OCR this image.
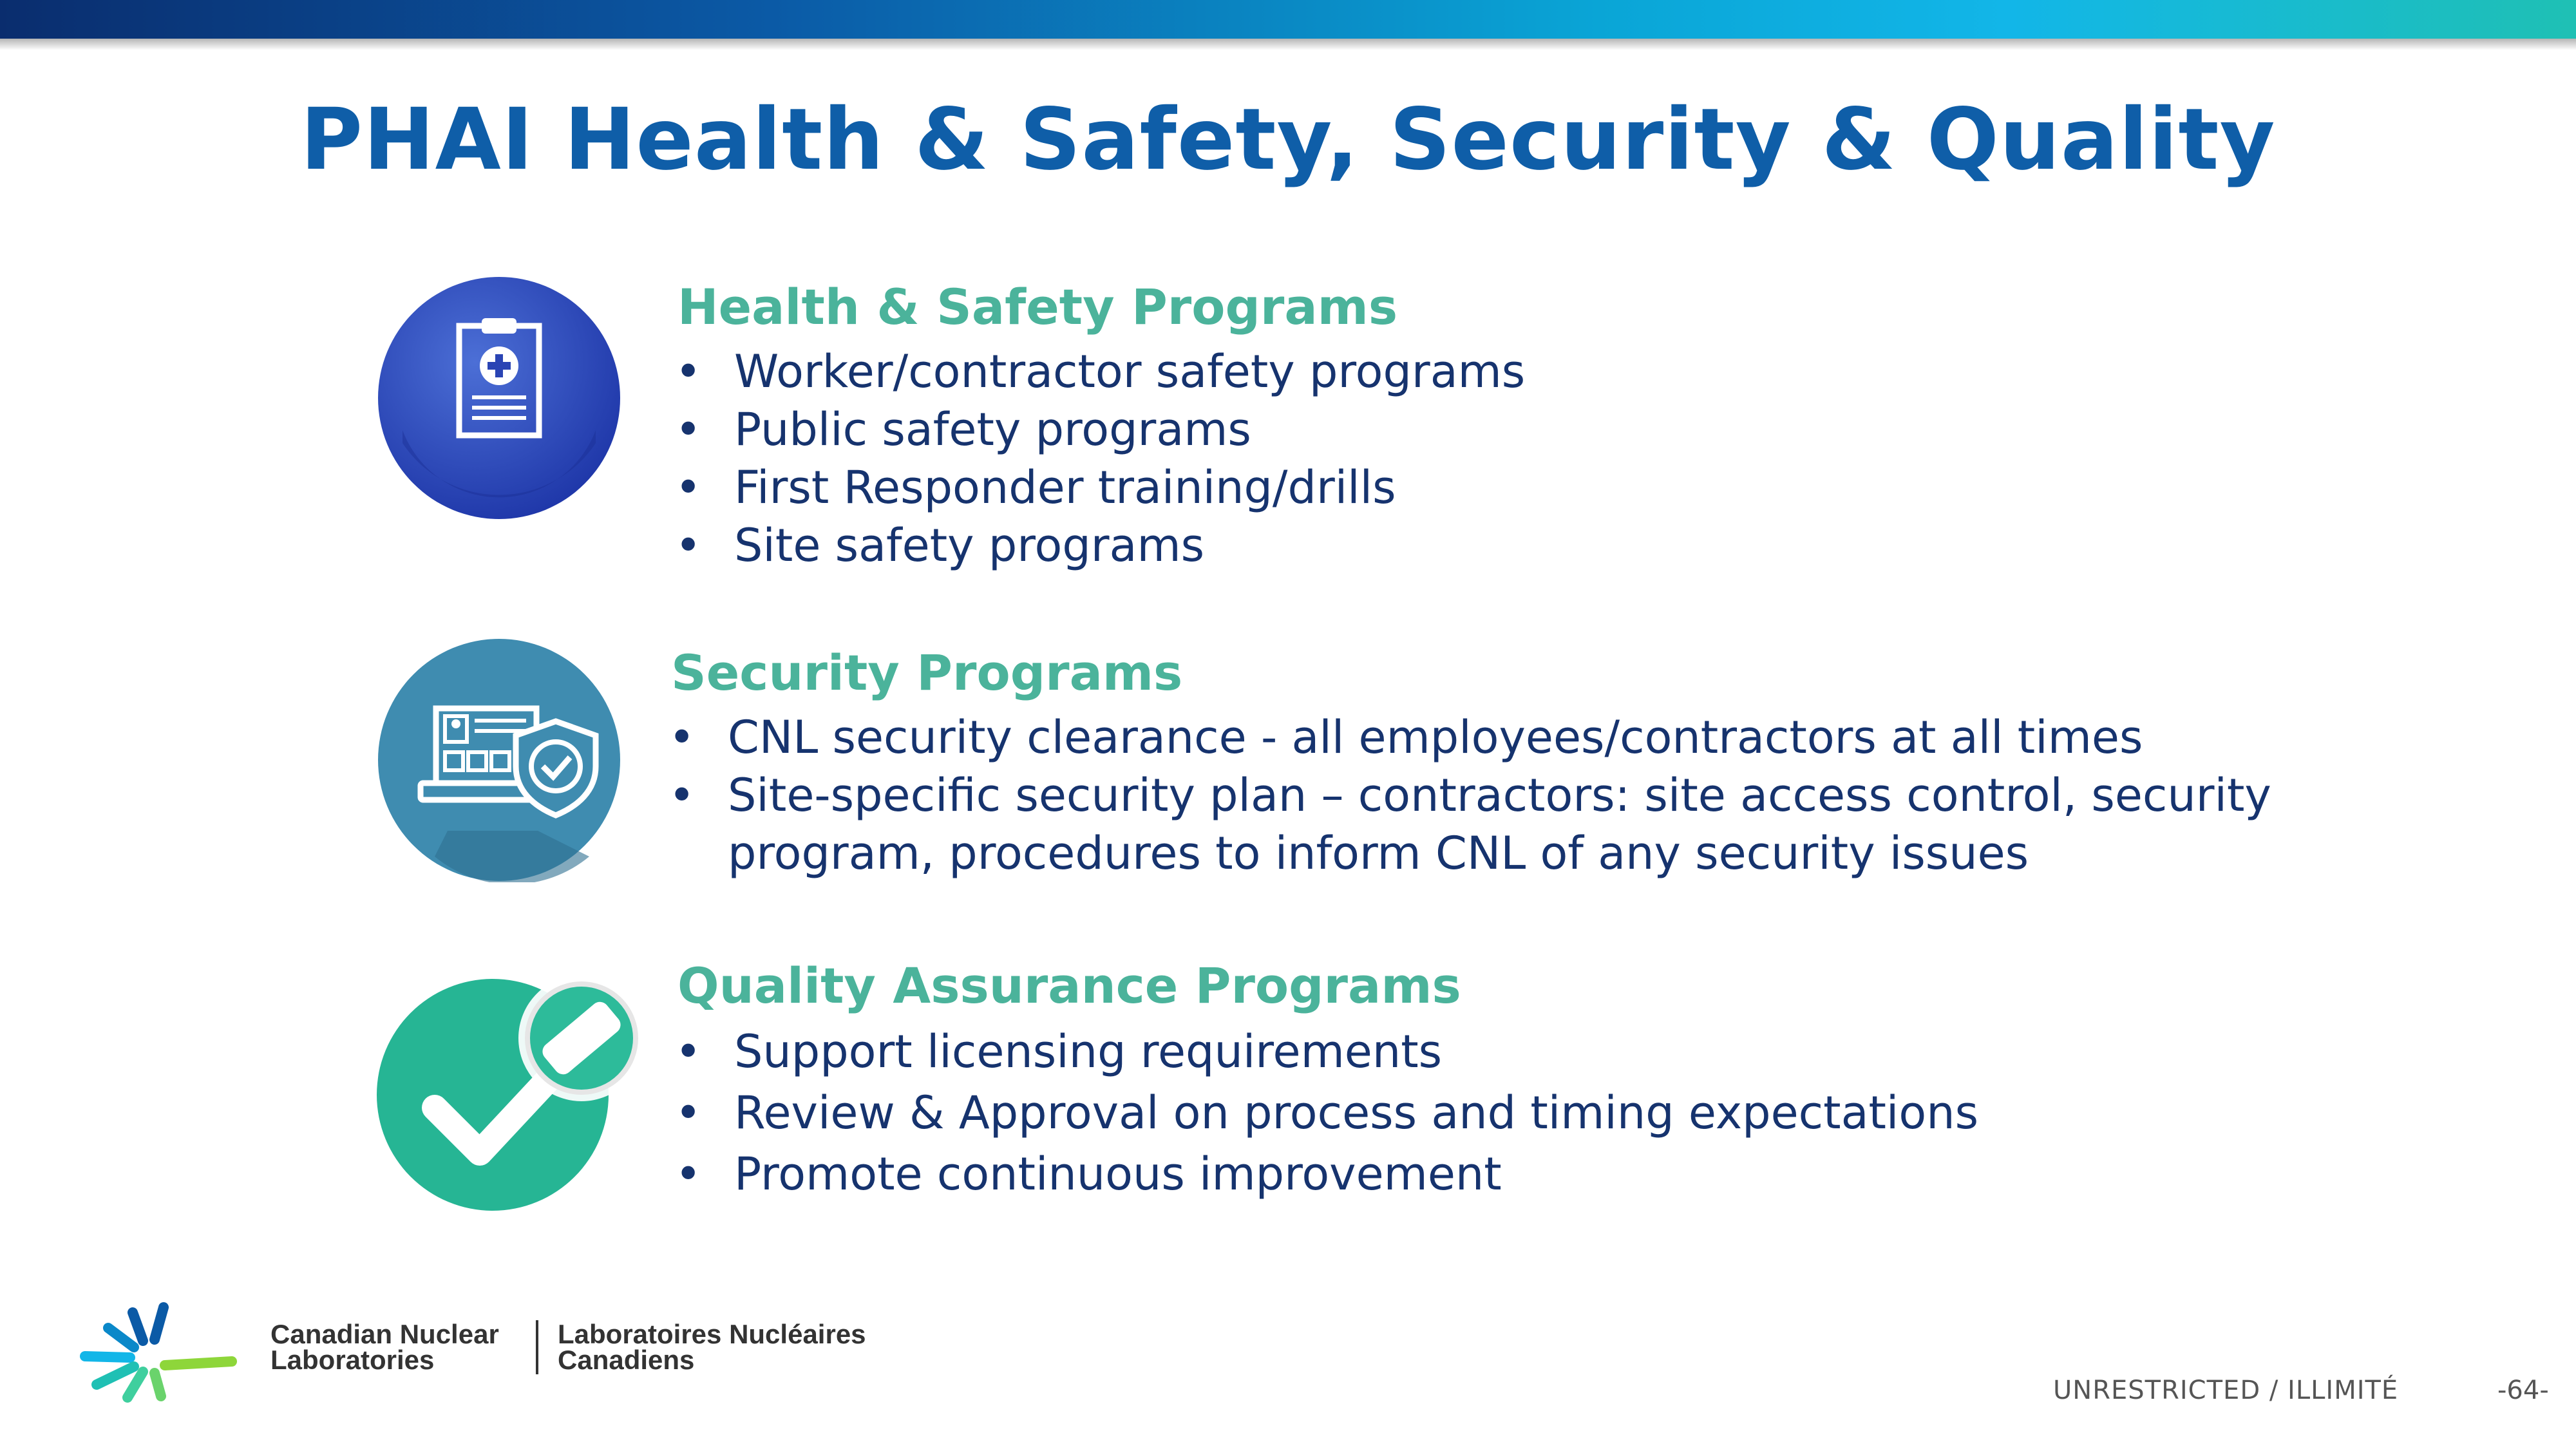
PHAI Health & Safety, Security & Quality
Health & Safety Programs
• Worker/contractor safety programs
• Public safety programs
• First Responder training/drills
• Site safety programs
Security Programs
• CNL security clearance - all employees/contractors at all times
• Site-specific security plan – contractors: site access control, security
program, procedures to inform CNL of any security issues
Quality Assurance Programs
• Support licensing requirements
• Review & Approval on process and timing expectations
• Promote continuous improvement
Canadian Nuclear
Laboratories
Laboratoires Nucléaires
Canadiens
UNRESTRICTED / ILLIMITÉ	-64-
